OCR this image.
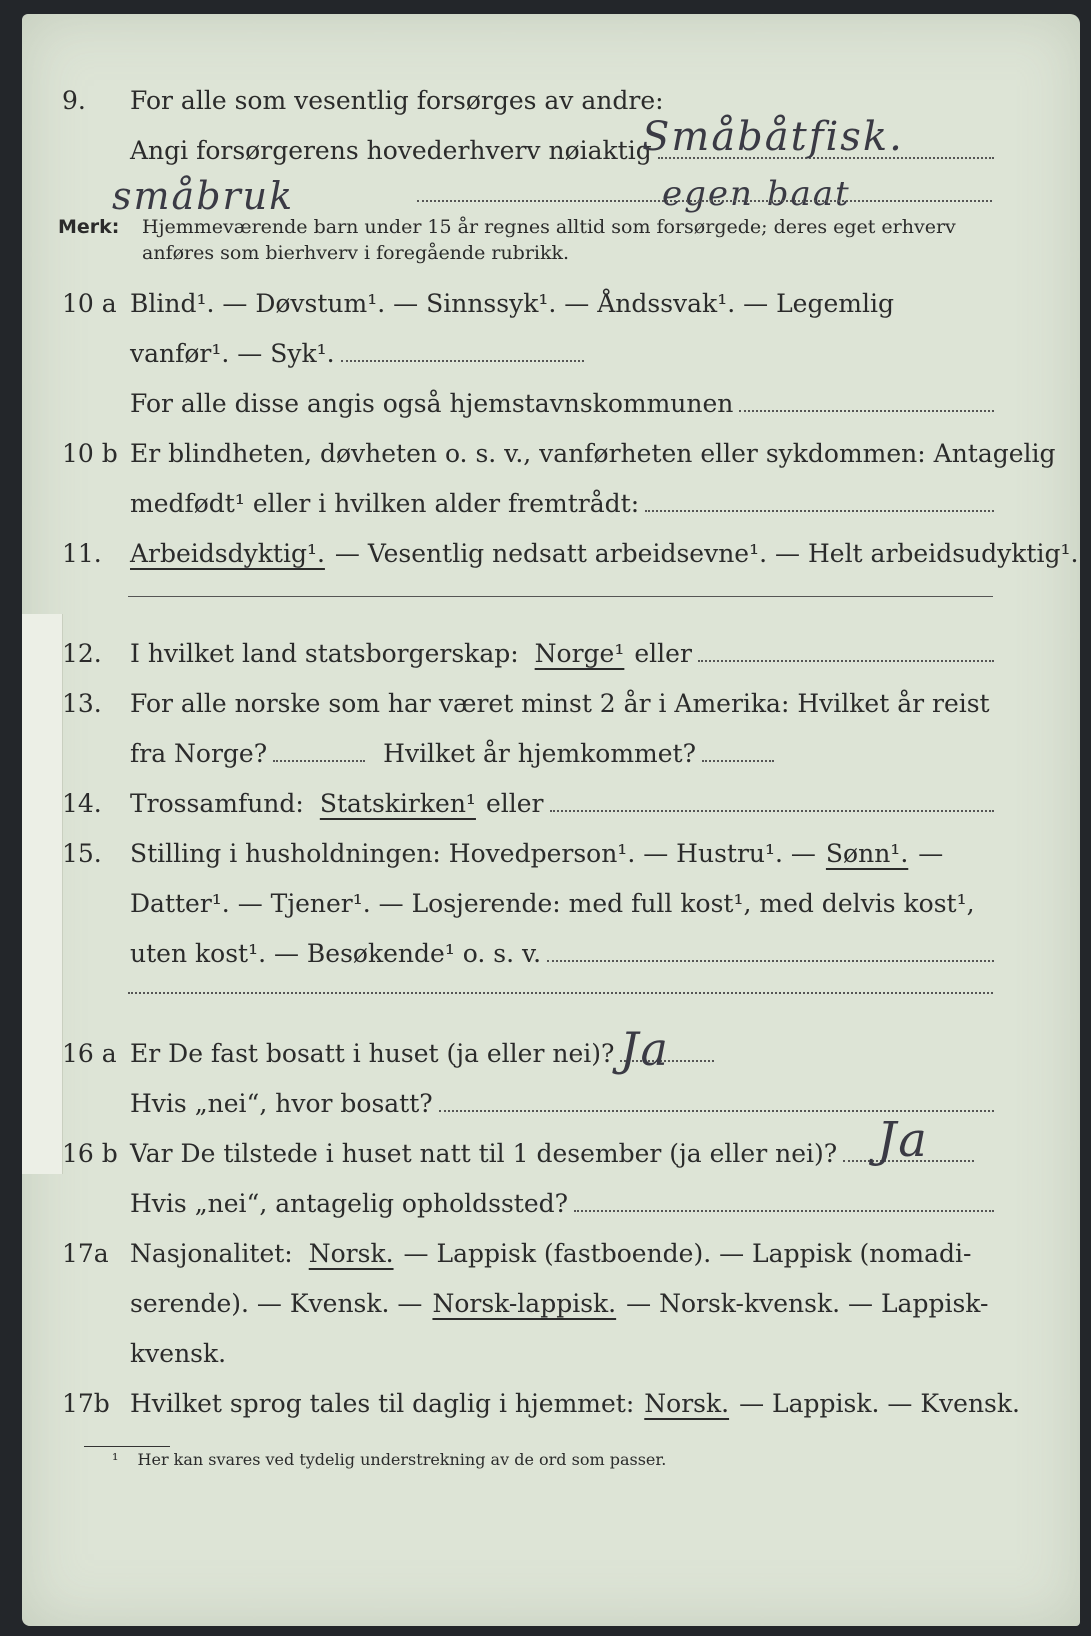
9. For alle som vesentlig forsørges av andre:
Angi forsørgerens hovederhverv nøiaktig
Småbåtfisk.
småbruk	egen baat
Merk: Hjemmeværende barn under 15 år regnes alltid som forsørgede; deres eget erhverv
anføres som bierhverv i foregående rubrikk.
10 a Blind¹. — Døvstum¹. — Sinnssyk¹. — Åndssvak¹. — Legemlig
vanfør¹. — Syk¹.
For alle disse angis også hjemstavnskommunen
10 b Er blindheten, døvheten o. s. v., vanførheten eller sykdommen: Antagelig
medfødt¹ eller i hvilken alder fremtrådt:
11. Arbeidsdyktig¹. — Vesentlig nedsatt arbeidsevne¹. — Helt arbeidsudyktig¹.
12. I hvilket land statsborgerskap: Norge¹ eller
13. For alle norske som har været minst 2 år i Amerika: Hvilket år reist
fra Norge?	Hvilket år hjemkommet?
14. Trossamfund: Statskirken¹ eller
15. Stilling i husholdningen: Hovedperson¹. — Hustru¹. — Sønn¹. —
Datter¹. — Tjener¹. — Losjerende: med full kost¹, med delvis kost¹,
uten kost¹. — Besøkende¹ o. s. v.
16 a Er De fast bosatt i huset (ja eller nei)? Ja
Hvis „nei“, hvor bosatt?
16 b Var De tilstede i huset natt til 1 desember (ja eller nei)? Ja
Hvis „nei“, antagelig opholdssted?
17a Nasjonalitet: Norsk. — Lappisk (fastboende). — Lappisk (nomadi-
serende). — Kvensk. — Norsk-lappisk. — Norsk-kvensk. — Lappisk-
kvensk.
17b Hvilket sprog tales til daglig i hjemmet: Norsk. — Lappisk. — Kvensk.
¹ Her kan svares ved tydelig understrekning av de ord som passer.
